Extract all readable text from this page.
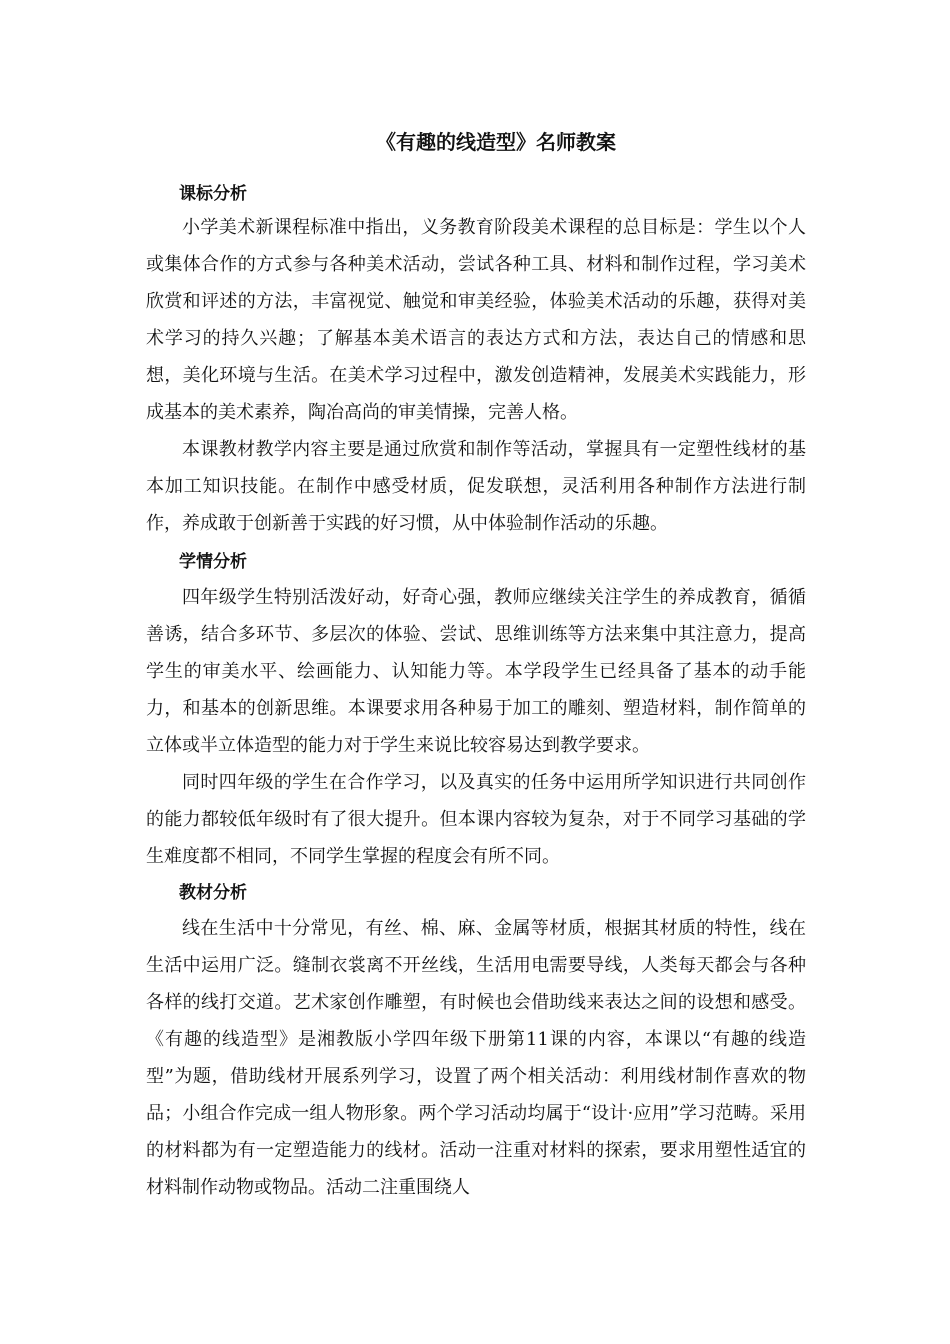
《有趣的线造型》名师教案
课标分析

小学美术新课程标准中指出，义务教育阶段美术课程的总目标是：学生以个人或集体合作的方式参与各种美术活动，尝试各种工具、材料和制作过程，学习美术欣赏和评述的方法，丰富视觉、触觉和审美经验，体验美术活动的乐趣，获得对美术学习的持久兴趣；了解基本美术语言的表达方式和方法，表达自己的情感和思想，美化环境与生活。在美术学习过程中，激发创造精神，发展美术实践能力，形成基本的美术素养，陶冶高尚的审美情操，完善人格。

本课教材教学内容主要是通过欣赏和制作等活动，掌握具有一定塑性线材的基本加工知识技能。在制作中感受材质，促发联想，灵活利用各种制作方法进行制作，养成敢于创新善于实践的好习惯，从中体验制作活动的乐趣。

学情分析

四年级学生特别活泼好动，好奇心强，教师应继续关注学生的养成教育，循循善诱，结合多环节、多层次的体验、尝试、思维训练等方法来集中其注意力，提高学生的审美水平、绘画能力、认知能力等。本学段学生已经具备了基本的动手能力，和基本的创新思维。本课要求用各种易于加工的雕刻、塑造材料，制作简单的立体或半立体造型的能力对于学生来说比较容易达到教学要求。

同时四年级的学生在合作学习，以及真实的任务中运用所学知识进行共同创作的能力都较低年级时有了很大提升。但本课内容较为复杂，对于不同学习基础的学生难度都不相同，不同学生掌握的程度会有所不同。

教材分析

线在生活中十分常见，有丝、棉、麻、金属等材质，根据其材质的特性，线在生活中运用广泛。缝制衣裳离不开丝线，生活用电需要导线，人类每天都会与各种各样的线打交道。艺术家创作雕塑，有时候也会借助线来表达之间的设想和感受。《有趣的线造型》是湘教版小学四年级下册第11课的内容，本课以“有趣的线造型”为题，借助线材开展系列学习，设置了两个相关活动：利用线材制作喜欢的物品；小组合作完成一组人物形象。两个学习活动均属于“设计·应用”学习范畴。采用的材料都为有一定塑造能力的线材。活动一注重对材料的探索，要求用塑性适宜的材料制作动物或物品。活动二注重围绕人
